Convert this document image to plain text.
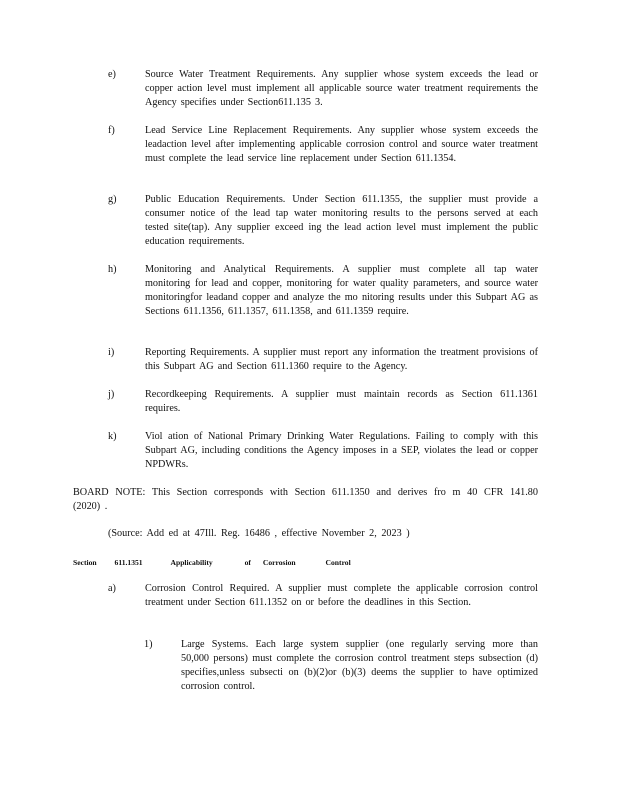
e)	Source Water Treatment Requirements. Any supplier whose system exceeds the lead or copper action level must implement all applicable source water treatment requirements the Agency specifies under Section611.135 3.
f)	Lead Service Line Replacement Requirements. Any supplier whose system exceeds the leadaction level after implementing applicable corrosion control and source water treatment must complete the lead service line replacement under Section 611.1354.
g)	Public Education Requirements. Under Section 611.1355, the supplier must provide a consumer notice of the lead tap water monitoring results to the persons served at each tested site(tap). Any supplier exceed ing the lead action level must implement the public education requirements.
h)	Monitoring and Analytical Requirements. A supplier must complete all tap water monitoring for lead and copper, monitoring for water quality parameters, and source water monitoringfor leadand copper and analyze the mo nitoring results under this Subpart AG as Sections 611.1356, 611.1357, 611.1358, and 611.1359 require.
i)	Reporting Requirements. A supplier must report any information the treatment provisions of this Subpart AG and Section 611.1360 require to the Agency.
j)	Recordkeeping Requirements. A supplier must maintain records as Section 611.1361 requires.
k)	Viol ation of National Primary Drinking Water Regulations. Failing to comply with this Subpart AG, including conditions the Agency imposes in a SEP, violates the lead or copper NPDWRs.
BOARD NOTE: This Section corresponds with Section 611.1350 and derives fro m 40 CFR 141.80 (2020) .
(Source: Add ed at 47Ill. Reg. 16486 , effective November 2, 2023 )
Section 611.1351	Applicability	of Corrosion	Control
a)	Corrosion Control Required. A supplier must complete the applicable corrosion control treatment under Section 611.1352 on or before the deadlines in this Section.
1)	Large Systems. Each large system supplier (one regularly serving more than 50,000 persons) must complete the corrosion control treatment steps subsection (d) specifies,unless subsecti on (b)(2)or (b)(3) deems the supplier to have optimized corrosion control.
